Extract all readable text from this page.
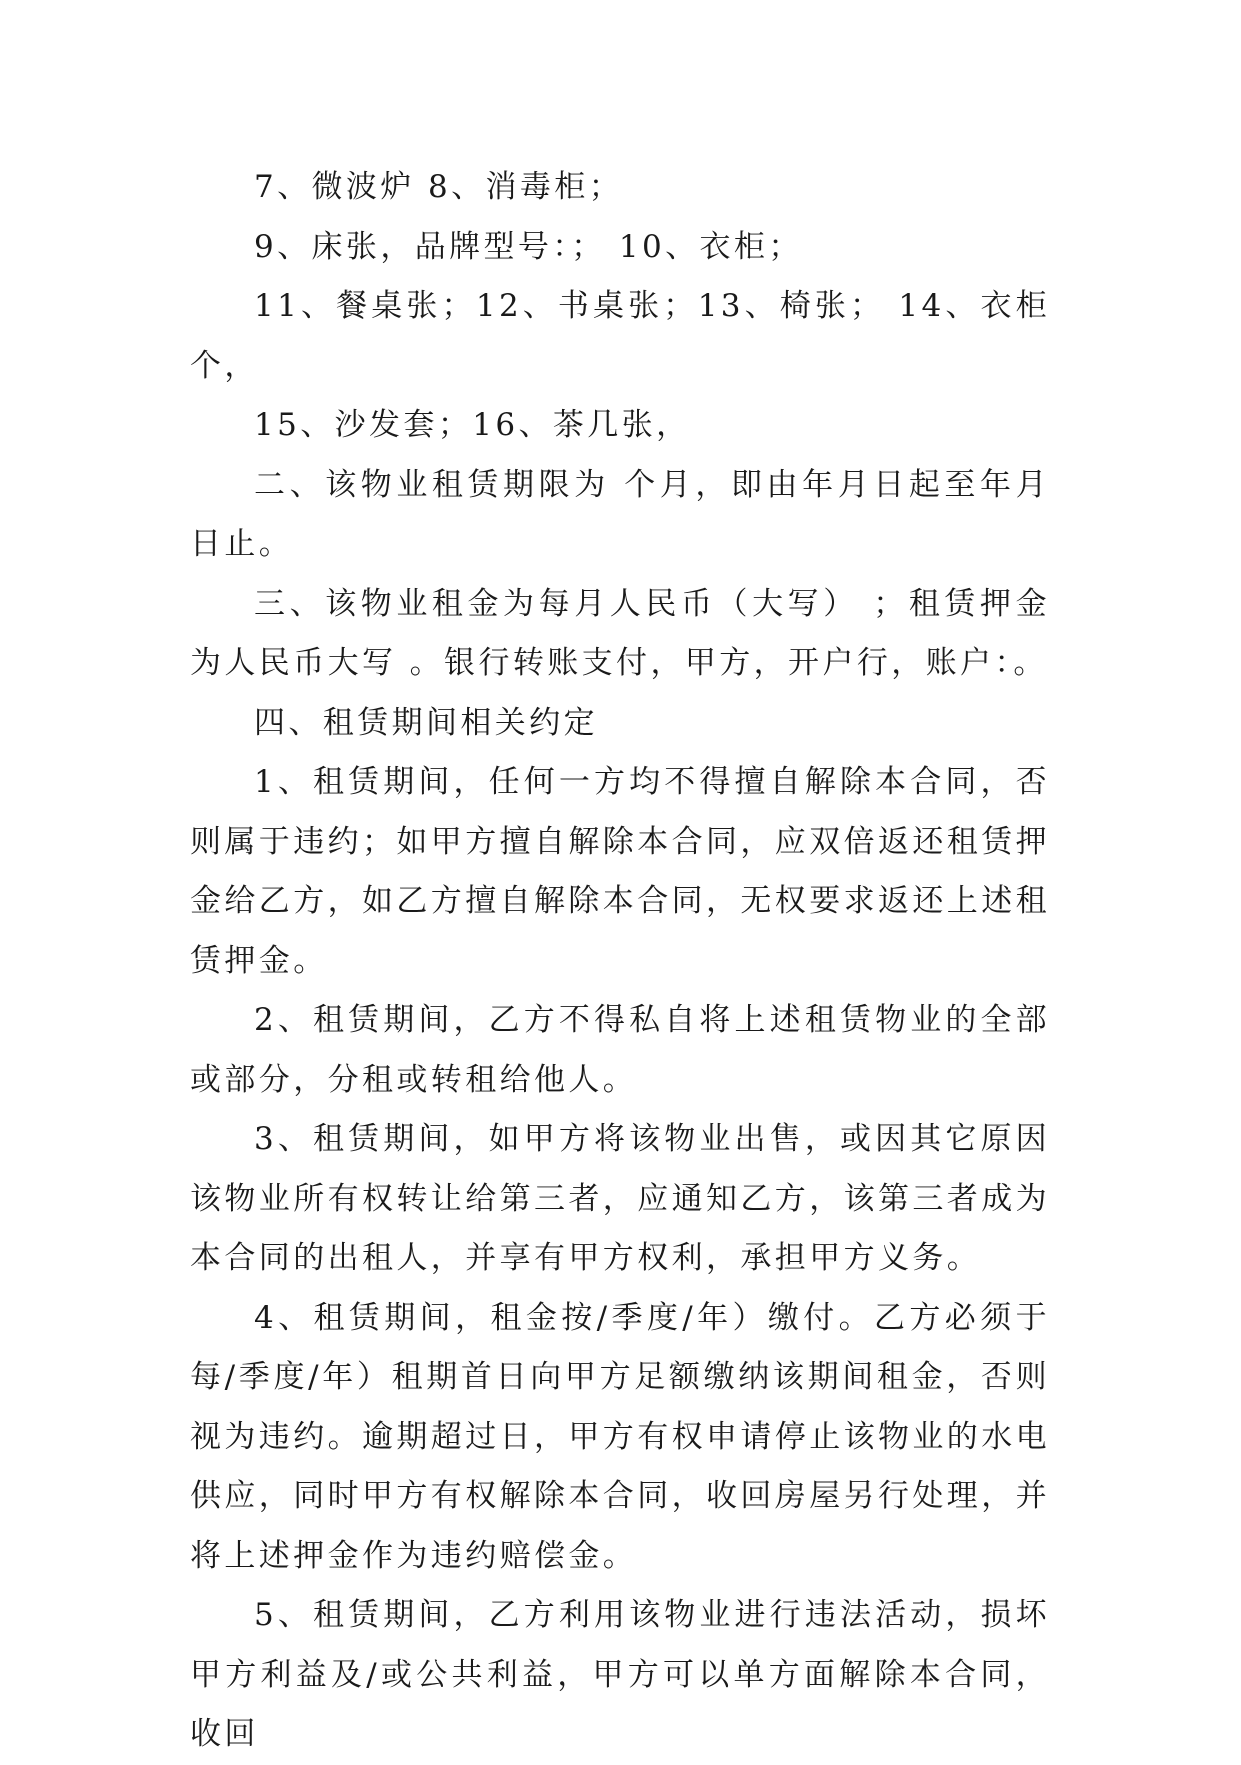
7、微波炉 8、消毒柜；

9、床张，品牌型号：； 10、衣柜；

11、餐桌张；12、书桌张；13、椅张； 14、衣柜个，

15、沙发套；16、茶几张，

二、该物业租赁期限为 个月，即由年月日起至年月日止。

三、该物业租金为每月人民币（大写） ；租赁押金为人民币大写 。银行转账支付，甲方，开户行，账户：。

四、租赁期间相关约定

1、租赁期间，任何一方均不得擅自解除本合同，否则属于违约；如甲方擅自解除本合同，应双倍返还租赁押金给乙方，如乙方擅自解除本合同，无权要求返还上述租赁押金。

2、租赁期间，乙方不得私自将上述租赁物业的全部或部分，分租或转租给他人。

3、租赁期间，如甲方将该物业出售，或因其它原因该物业所有权转让给第三者，应通知乙方，该第三者成为本合同的出租人，并享有甲方权利，承担甲方义务。

4、租赁期间，租金按/季度/年）缴付。乙方必须于每/季度/年）租期首日向甲方足额缴纳该期间租金，否则视为违约。逾期超过日，甲方有权申请停止该物业的水电供应，同时甲方有权解除本合同，收回房屋另行处理，并将上述押金作为违约赔偿金。

5、租赁期间，乙方利用该物业进行违法活动，损坏甲方利益及/或公共利益，甲方可以单方面解除本合同，收回
